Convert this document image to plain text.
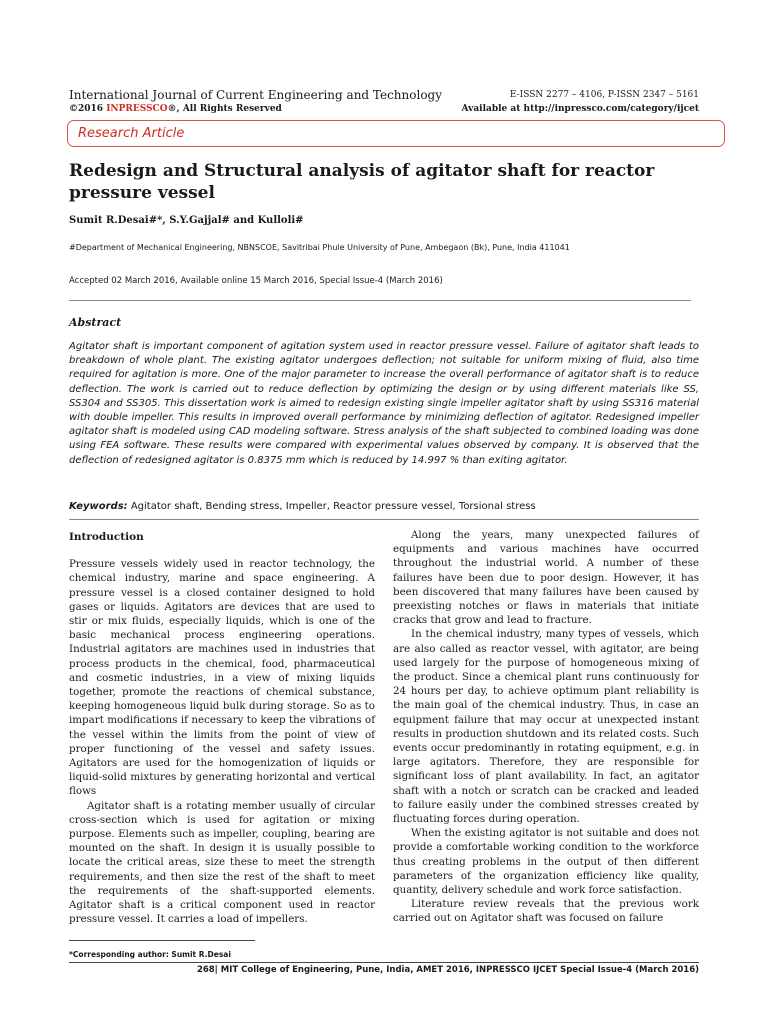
International Journal of Current Engineering and Technology
©2016 INPRESSCO®, All Rights Reserved
E-ISSN 2277 – 4106, P-ISSN 2347 – 5161
Available at http://inpressco.com/category/ijcet
Research Article
Redesign and Structural analysis of agitator shaft for reactor pressure vessel
Sumit R.Desai#*, S.Y.Gajjal# and Kulloli#
#Department of Mechanical Engineering, NBNSCOE, Savitribai Phule University of Pune, Ambegaon (Bk), Pune, India 411041
Accepted 02 March 2016, Available online 15 March 2016, Special Issue-4 (March 2016)
Abstract

Agitator shaft is important component of agitation system used in reactor pressure vessel. Failure of agitator shaft leads to breakdown of whole plant. The existing agitator undergoes deflection; not suitable for uniform mixing of fluid, also time required for agitation is more. One of the major parameter to increase the overall performance of agitator shaft is to reduce deflection. The work is carried out to reduce deflection by optimizing the design or by using different materials like SS, SS304 and SS305. This dissertation work is aimed to redesign existing single impeller agitator shaft by using SS316 material with double impeller. This results in improved overall performance by minimizing deflection of agitator. Redesigned impeller agitator shaft is modeled using CAD modeling software. Stress analysis of the shaft subjected to combined loading was done using FEA software. These results were compared with experimental values observed by company. It is observed that the deflection of redesigned agitator is 0.8375 mm which is reduced by 14.997 % than exiting agitator.

Keywords: Agitator shaft, Bending stress, Impeller, Reactor pressure vessel, Torsional stress
Introduction

Pressure vessels widely used in reactor technology, the chemical industry, marine and space engineering. A pressure vessel is a closed container designed to hold gases or liquids. Agitators are devices that are used to stir or mix fluids, especially liquids, which is one of the basic mechanical process engineering operations. Industrial agitators are machines used in industries that process products in the chemical, food, pharmaceutical and cosmetic industries, in a view of mixing liquids together, promote the reactions of chemical substance, keeping homogeneous liquid bulk during storage. So as to impart modifications if necessary to keep the vibrations of the vessel within the limits from the point of view of proper functioning of the vessel and safety issues. Agitators are used for the homogenization of liquids or liquid-solid mixtures by generating horizontal and vertical flows

Agitator shaft is a rotating member usually of circular cross-section which is used for agitation or mixing purpose. Elements such as impeller, coupling, bearing are mounted on the shaft. In design it is usually possible to locate the critical areas, size these to meet the strength requirements, and then size the rest of the shaft to meet the requirements of the shaft-supported elements. Agitator shaft is a critical component used in reactor pressure vessel. It carries a load of impellers.

Along the years, many unexpected failures of equipments and various machines have occurred throughout the industrial world. A number of these failures have been due to poor design. However, it has been discovered that many failures have been caused by preexisting notches or flaws in materials that initiate cracks that grow and lead to fracture.

In the chemical industry, many types of vessels, which are also called as reactor vessel, with agitator, are being used largely for the purpose of homogeneous mixing of the product. Since a chemical plant runs continuously for 24 hours per day, to achieve optimum plant reliability is the main goal of the chemical industry. Thus, in case an equipment failure that may occur at unexpected instant results in production shutdown and its related costs. Such events occur predominantly in rotating equipment, e.g. in large agitators. Therefore, they are responsible for significant loss of plant availability. In fact, an agitator shaft with a notch or scratch can be cracked and leaded to failure easily under the combined stresses created by fluctuating forces during operation.

When the existing agitator is not suitable and does not provide a comfortable working condition to the workforce thus creating problems in the output of then different parameters of the organization efficiency like quality, quantity, delivery schedule and work force satisfaction.

Literature review reveals that the previous work carried out on Agitator shaft was focused on failure

*Corresponding author: Sumit R.Desai
268| MIT College of Engineering, Pune, India, AMET 2016, INPRESSCO IJCET Special Issue-4 (March 2016)
